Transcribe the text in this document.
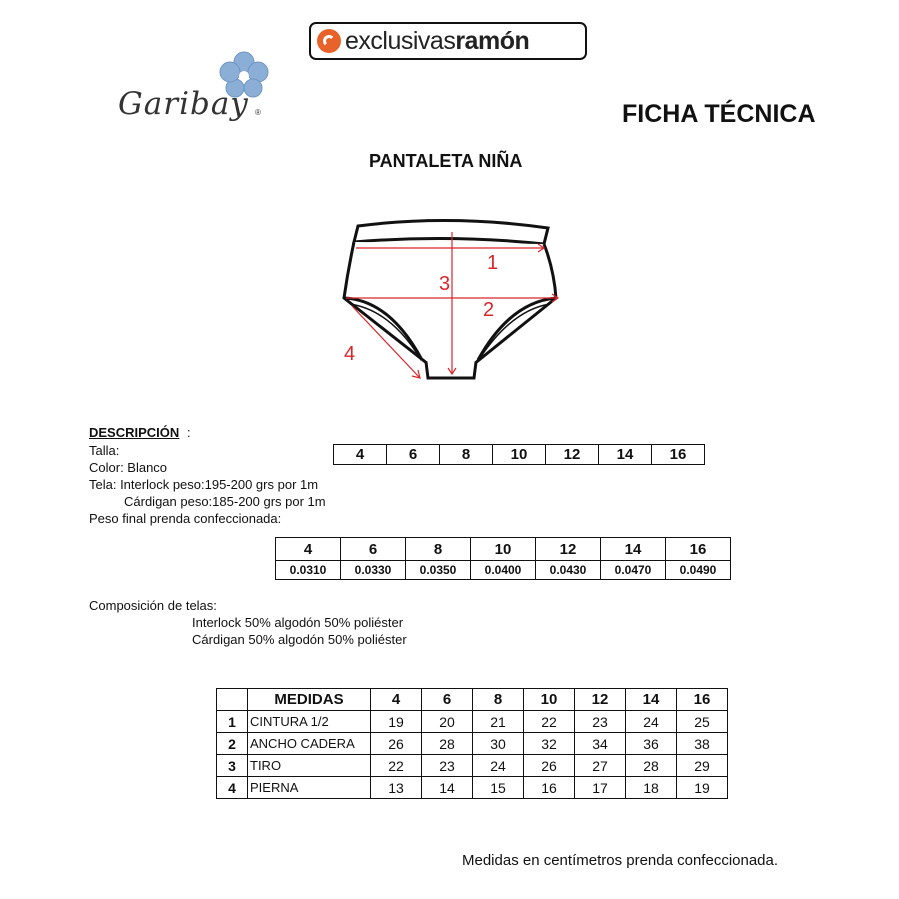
exclusivas ramón
Garibay ®	FICHA TÉCNICA
PANTALETA NIÑA
1
2
3
4
DESCRIPCIÓN :
Talla:
Color: Blanco
Tela: Interlock peso:195-200 grs por 1m
Cárdigan peso:185-200 grs por 1m
Peso final prenda confeccionada:
4	6	8	10	12	14	16
4	6	8	10	12	14	16
0.0310	0.0330	0.0350	0.0400	0.0430	0.0470	0.0490
Composición de telas:
Interlock 50% algodón 50% poliéster
Cárdigan 50% algodón 50% poliéster
	MEDIDAS	4	6	8	10	12	14	16
1	CINTURA 1/2	19	20	21	22	23	24	25
2	ANCHO CADERA	26	28	30	32	34	36	38
3	TIRO	22	23	24	26	27	28	29
4	PIERNA	13	14	15	16	17	18	19
Medidas en centímetros prenda confeccionada.
